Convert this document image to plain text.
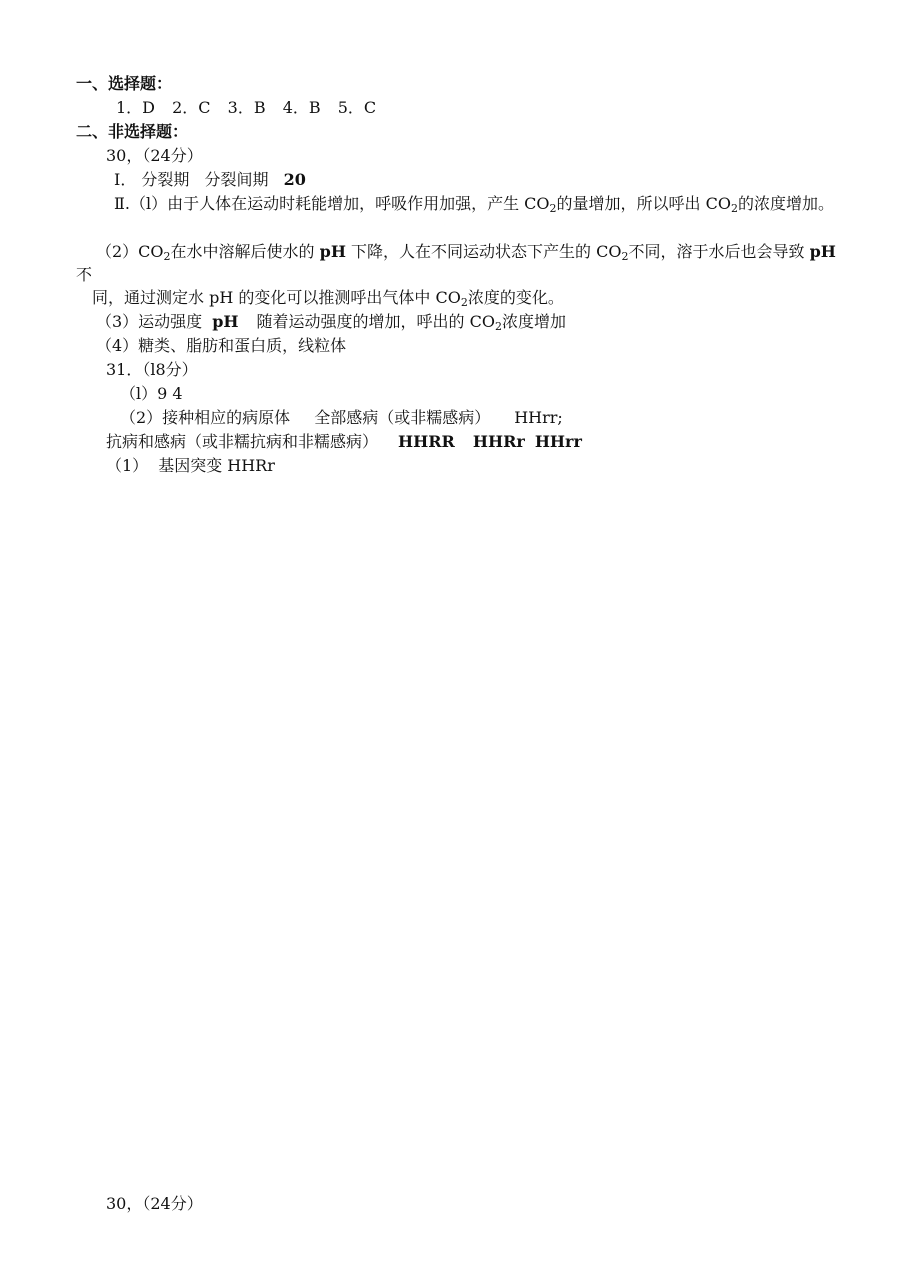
一、选择题：
1．D 2．C 3．B 4．B 5．C
二、非选择题：
30，（24分）
Ⅰ． 分裂期 分裂间期 20
Ⅱ.（l）由于人体在运动时耗能增加，呼吸作用加强，产生 $CO_2$的量增加，所以呼出 $CO_2$的浓度增加。
$(2)CO_2$在水中溶解后使水的 pH 下降，人在不同运动状态下产生的 $CO_2$不同，溶于水后也会导致 pH 不
同，通过测定水 pH 的变化可以推测呼出气体中 $CO_2$浓度的变化。
（3）运动强度 pH 随着运动强度的增加，呼出的 $CO_2$浓度增加
（4）糖类、脂肪和蛋白质，线粒体
31．（l8分）
（l）9 4
（2）接种相应的病原体 全部感病（或非糯感病） HHrr;
抗病和感病（或非糯抗病和非糯感病） HHRR HHRr HHrr
（1） 基因突变 HHRr
30，（24分）
